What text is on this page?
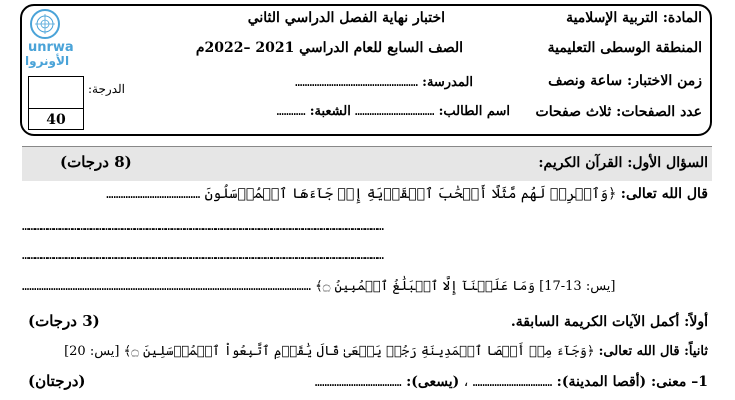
unrwa
الأونروا
المادة: التربية الإسلامية
المنطقة الوسطى التعليمية
زمن الاختبار: ساعة ونصف
عدد الصفحات: ثلاث صفحات
اختبار نهاية الفصل الدراسي الثاني
الصف السابع للعام الدراسي 2021 –2022م
المدرسة: ……………………………………………
اسم الطالب: …………………………… الشعبة: …………
الدرجة:
40
السؤال الأول: القرآن الكريم:
(8 درجات)
قال الله تعالى: ﴿وَٱضۡرِبۡ لَهُم مَّثَلًا أَصۡحَٰبَ ٱلۡقَرۡيَةِ إِذۡ جَآءَهَا ٱلۡمُرۡسَلُونَ …………………………………
…………………………………………………………………………………………………………………………………………………………
…………………………………………………………………………………………………………………………………………………………
[يس: 13-17] وَمَا عَلَيۡنَآ إِلَّا ٱلۡبَلَٰغُ ٱلۡمُبِينُ ۝﴾ …………………………………………………………………………………………………………
أولاً: أكمل الآيات الكريمة السابقة.
(3 درجات)
ثانياً: قال الله تعالى: ﴿وَجَآءَ مِنۡ أَقۡصَا ٱلۡمَدِينَةِ رَجُلٞ يَسۡعَىٰ قَالَ يَٰقَوۡمِ ٱتَّبِعُواْ ٱلۡمُرۡسَلِينَ ۝﴾ [يس: 20]
1– معنى: (أقصا المدينة): …………………………… ، (يسعى): ………………………………
(درجتان)
